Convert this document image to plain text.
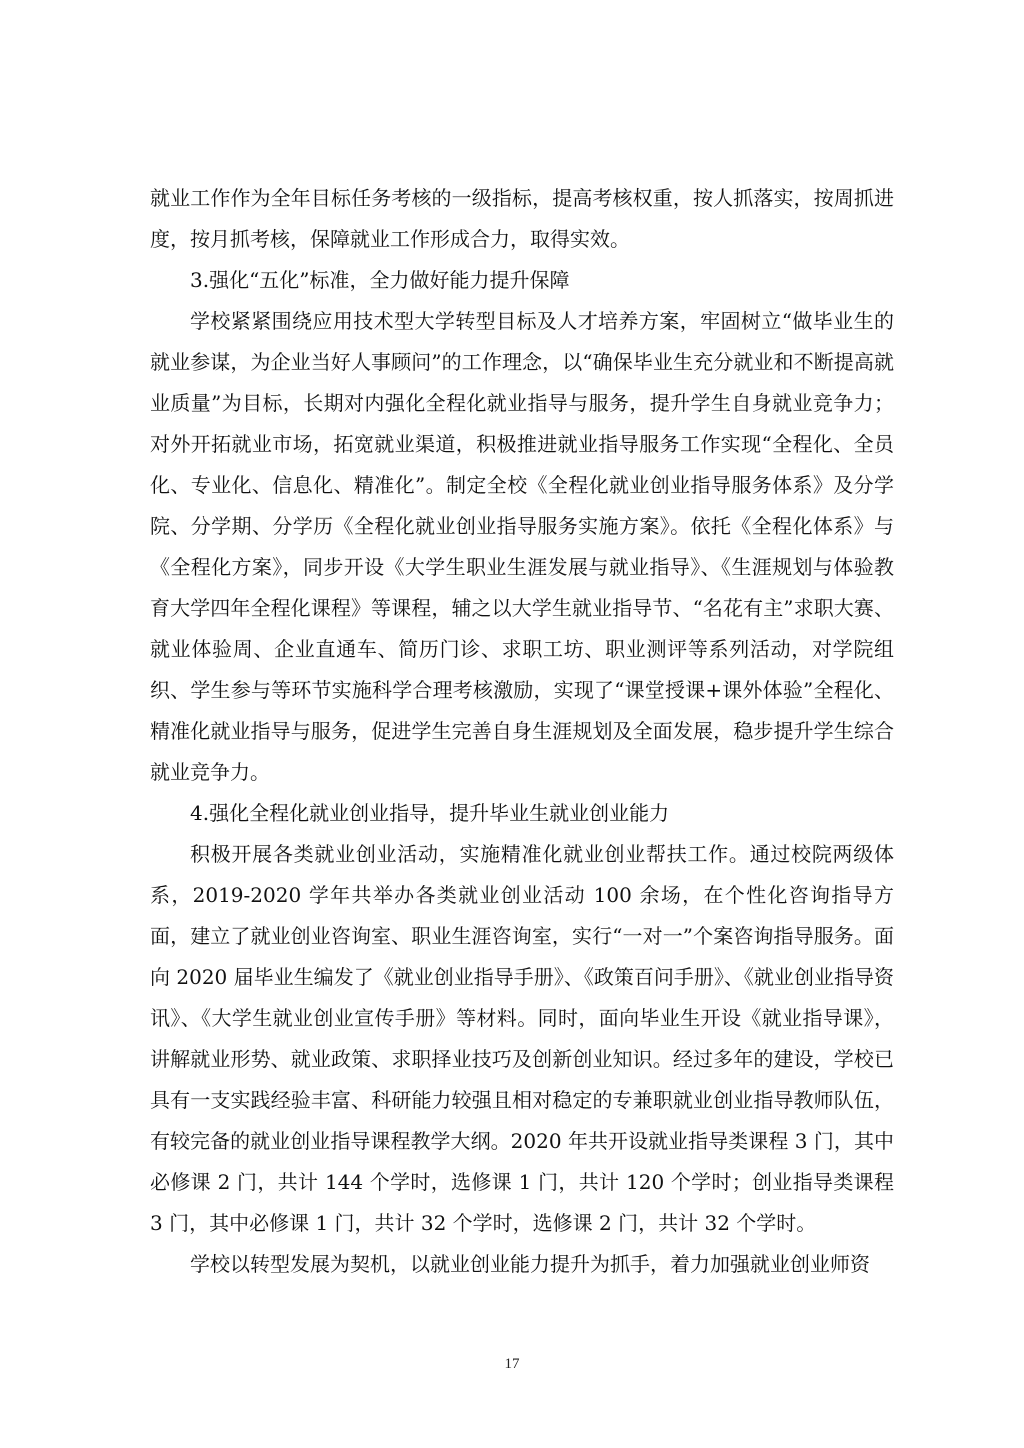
就业工作作为全年目标任务考核的一级指标，提高考核权重，按人抓落实，按周抓进度，按月抓考核，保障就业工作形成合力，取得实效。

3.强化“五化”标准，全力做好能力提升保障

学校紧紧围绕应用技术型大学转型目标及人才培养方案，牢固树立“做毕业生的就业参谋，为企业当好人事顾问”的工作理念，以“确保毕业生充分就业和不断提高就业质量”为目标，长期对内强化全程化就业指导与服务，提升学生自身就业竞争力；对外开拓就业市场，拓宽就业渠道，积极推进就业指导服务工作实现“全程化、全员化、专业化、信息化、精准化”。制定全校《全程化就业创业指导服务体系》及分学院、分学期、分学历《全程化就业创业指导服务实施方案》。依托《全程化体系》与《全程化方案》，同步开设《大学生职业生涯发展与就业指导》、《生涯规划与体验教育大学四年全程化课程》等课程，辅之以大学生就业指导节、“名花有主”求职大赛、就业体验周、企业直通车、简历门诊、求职工坊、职业测评等系列活动，对学院组织、学生参与等环节实施科学合理考核激励，实现了“课堂授课+课外体验”全程化、精准化就业指导与服务，促进学生完善自身生涯规划及全面发展，稳步提升学生综合就业竞争力。

4.强化全程化就业创业指导，提升毕业生就业创业能力

积极开展各类就业创业活动，实施精准化就业创业帮扶工作。通过校院两级体系，2019-2020 学年共举办各类就业创业活动 100 余场，在个性化咨询指导方面，建立了就业创业咨询室、职业生涯咨询室，实行“一对一”个案咨询指导服务。面向 2020 届毕业生编发了《就业创业指导手册》、《政策百问手册》、《就业创业指导资讯》、《大学生就业创业宣传手册》等材料。同时，面向毕业生开设《就业指导课》，讲解就业形势、就业政策、求职择业技巧及创新创业知识。经过多年的建设，学校已具有一支实践经验丰富、科研能力较强且相对稳定的专兼职就业创业指导教师队伍，有较完备的就业创业指导课程教学大纲。2020 年共开设就业指导类课程 3 门，其中必修课 2 门，共计 144 个学时，选修课 1 门，共计 120 个学时；创业指导类课程 3 门，其中必修课 1 门，共计 32 个学时，选修课 2 门，共计 32 个学时。

学校以转型发展为契机，以就业创业能力提升为抓手，着力加强就业创业师资

17
